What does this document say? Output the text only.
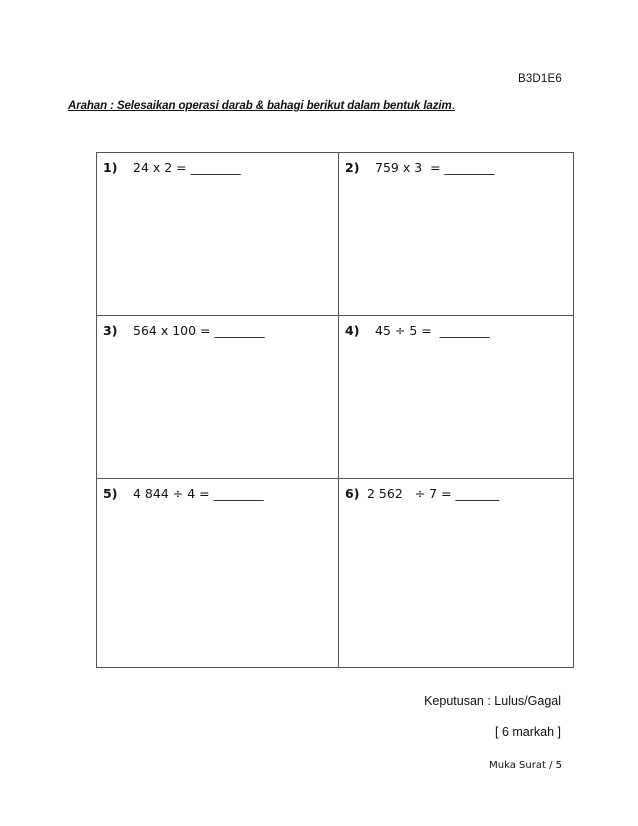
B3D1E6
Arahan : Selesaikan operasi darab & bahagi berikut dalam bentuk lazim.
1) 24 x 2 = ________	2) 759 x 3  = ________
3) 564 x 100 = ________	4) 45 ÷ 5 =  ________
5) 4 844 ÷ 4 = ________	6) 2 562   ÷ 7 = _______
Keputusan : Lulus/Gagal
[ 6 markah ]
Muka Surat / 5
